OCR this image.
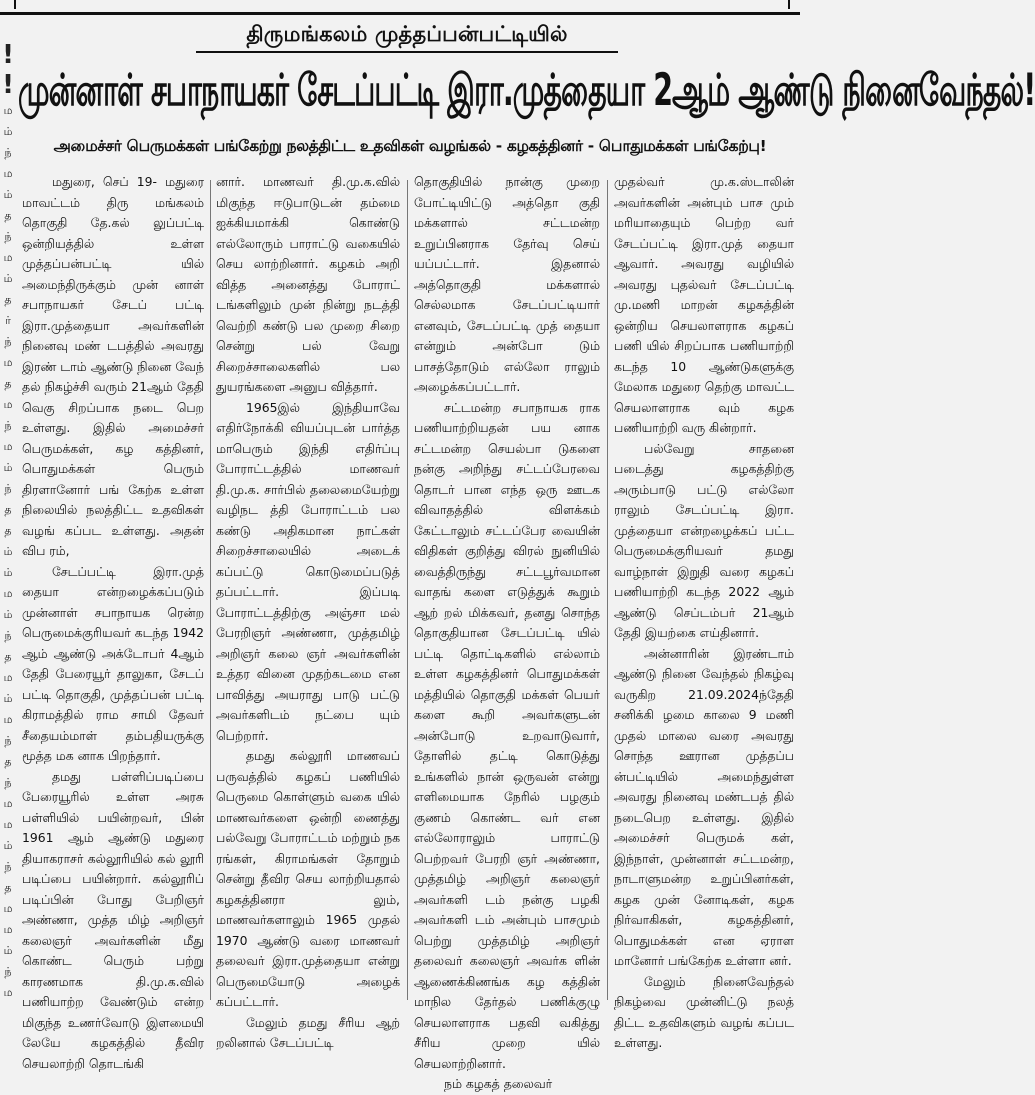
!
!
ம
ம்
ந்
ம
ம்
த
ந்
ம
ம்
த
ர்
ந்
ம
த
ம
ந்
ம
ம்
ந்
த
த
ம்
ம்
ம
ம்
ந்
த
ம
ம்
ம
ந்
த
ந்
ம
ம
ம்
ந்
த
ம
ம
ம்
ந்
ம
திருமங்கலம் முத்தப்பன்பட்டியில்
முன்னாள் சபாநாயகர் சேடப்பட்டி இரா.முத்தையா 2ஆம் ஆண்டு நினைவேந்தல்!
அமைச்சர் பெருமக்கள் பங்கேற்று நலத்திட்ட உதவிகள் வழங்கல் - கழகத்தினர் - பொதுமக்கள் பங்கேற்பு!

மதுரை, செப் 19- மதுரை மாவட்டம் திரு மங்கலம் தொகுதி தே.கல் லுப்பட்டி ஒன்றியத்தில் உள்ள முத்தப்பன்பட்டி யில் அமைந்திருக்கும் முன் னாள் சபாநாயகர் சேடப் பட்டி இரா.முத்தையா அவர்களின் நினைவு மண் டபத்தில் அவரது இரண் டாம் ஆண்டு நினை வேந் தல் நிகழ்ச்சி வரும் 21ஆம் தேதி வெகு சிறப்பாக நடை பெற உள்ளது. இதில் அமைச்சர் பெருமக்கள், கழ கத்தினர், பொதுமக்கள் பெரும் திரளானோர் பங் கேற்க உள்ள நிலையில் நலத்திட்ட உதவிகள் வழங் கப்பட உள்ளது. அதன் விப ரம்,

சேடப்பட்டி இரா.முத் தையா என்றழைக்கப்படும் முன்னாள் சபாநாயக ரென்ற பெருமைக்குரியவர் கடந்த 1942 ஆம் ஆண்டு அக்டோபர் 4ஆம் தேதி பேரையூர் தாலுகா, சேடப் பட்டி தொகுதி, முத்தப்பன் பட்டி கிராமத்தில் ராம சாமி தேவர் சீதையம்மாள் தம்பதியருக்கு மூத்த மக னாக பிறந்தார்.

தமது பள்ளிப்படிப்பை பேரையூரில் உள்ள அரசு பள்ளியில் பயின்றவர், பின் 1961 ஆம் ஆண்டு மதுரை தியாகராசர் கல்லூரியில் கல் லூரி படிப்பை பயின்றார். கல்லூரிப் படிப்பின் போது பேறிஞர் அண்ணா, முத்த மிழ் அறிஞர் கலைஞர் அவர்களின் மீது கொண்ட பெரும் பற்று காரணமாக தி.மு.க.வில் பணியாற்ற வேண்டும் என்ற மிகுந்த உணர்வோடு இளமையி லேயே கழகத்தில் தீவிர செயலாற்றி தொடங்கி

னார். மாணவர் தி.மு.க.வில் மிகுந்த ஈடுபாடுடன் தம்மை ஐக்கியமாக்கி கொண்டு எல்லோரும் பாராட்டு வகையில் செய லாற்றினார். கழகம் அறி வித்த அனைத்து போராட் டங்களிலும் முன் நின்று நடத்தி வெற்றி கண்டு பல முறை சிறை சென்று பல் வேறு சிறைச்சாலைகளில் பல துயரங்களை அனுப வித்தார்.

1965இல் இந்தியாவே எதிர்நோக்கி வியப்புடன் பார்த்த மாபெரும் இந்தி எதிர்ப்பு போராட்டத்தில் மாணவர் தி.மு.க. சார்பில் தலைமையேற்று வழிநட த்தி போராட்டம் பல கண்டு அதிகமான நாட்கள் சிறைச்சாலையில் அடைக் கப்பட்டு கொடுமைப்படுத் தப்பட்டார். இப்படி போராட்டத்திற்கு அஞ்சா மல் பேரறிஞர் அண்ணா, முத்தமிழ் அறிஞர் கலை ஞர் அவர்களின் உத்தர வினை முதற்கடமை என பாவித்து அயராது பாடு பட்டு அவர்களிடம் நட்பை யும் பெற்றார்.

தமது கல்லூரி மாணவப் பருவத்தில் கழகப் பணியில் பெருமை கொள்ளும் வகை யில் மாணவர்களை ஒன்றி ணைத்து பல்வேறு போராட்டம் மற்றும் நக ரங்கள், கிராமங்கள் தோறும் சென்று தீவிர செய லாற்றியதால் கழகத்தினரா லும், மாணவர்களாலும் 1965 முதல் 1970 ஆண்டு வரை மாணவர் தலைவர் இரா.முத்தையா என்று பெருமையோடு அழைக் கப்பட்டார்.

மேலும் தமது சீரிய ஆற் றலினால் சேடப்பட்டி

தொகுதியில் நான்கு முறை போட்டியிட்டு அத்தொ குதி மக்களால் சட்டமன்ற உறுப்பினராக தேர்வு செய் யப்பட்டார். இதனால் அத்தொகுதி மக்களால் செல்லமாக சேடப்பட்டியார் எனவும், சேடப்பட்டி முத் தையா என்றும் அன்போ டும் பாசத்தோடும் எல்லோ ராலும் அழைக்கப்பட்டார்.

சட்டமன்ற சபாநாயக ராக பணியாற்றியதன் பய னாக சட்டமன்ற செயல்பா டுகளை நன்கு அறிந்து சட்டப்பேரவை தொடர் பான எந்த ஒரு ஊடக விவாதத்தில் விளக்கம் கேட்டாலும் சட்டப்பேர வையின் விதிகள் குறித்து விரல் நுனியில் வைத்திருந்து சட்டபூர்வமான வாதங் களை எடுத்துக் கூறும் ஆற் றல் மிக்கவர், தனது சொந்த தொகுதியான சேடப்பட்டி யில் பட்டி தொட்டிகளில் எல்லாம் உள்ள கழகத்தினர் பொதுமக்கள் மத்தியில் தொகுதி மக்கள் பெயர் களை கூறி அவர்களுடன் அன்போடு உறவாடுவார், தோளில் தட்டி கொடுத்து உங்களில் நான் ஒருவன் என்று எளிமையாக நேரில் பழகும் குணம் கொண்ட வர் என எல்லோராலும் பாராட்டு பெற்றவர் பேரறி ஞர் அண்ணா, முத்தமிழ் அறிஞர் கலைஞர் அவர்களி டம் நன்கு பழகி அவர்களி டம் அன்பும் பாசமும் பெற்று முத்தமிழ் அறிஞர் தலைவர் கலைஞர் அவர்க ளின் ஆணைக்கிணங்க கழ கத்தின் மாநில தேர்தல் பணிக்குழு செயலாளராக பதவி வகித்து சீரிய முறை யில் செயலாற்றினார்.

நம் கழகத் தலைவர்

முதல்வர் மு.க.ஸ்டாலின் அவர்களின் அன்பும் பாச மும் மரியாதையும் பெற்ற வர் சேடப்பட்டி இரா.முத் தையா ஆவார். அவரது வழியில் அவரது புதல்வர் சேடப்பட்டி மு.மணி மாறன் கழகத்தின் ஒன்றிய செயலாளராக கழகப் பணி யில் சிறப்பாக பணியாற்றி கடந்த 10 ஆண்டுகளுக்கு மேலாக மதுரை தெற்கு மாவட்ட செயலாளராக வும் கழக பணியாற்றி வரு கின்றார்.

பல்வேறு சாதனை படைத்து கழகத்திற்கு அரும்பாடு பட்டு எல்லோ ராலும் சேடப்பட்டி இரா. முத்தையா என்றழைக்கப் பட்ட பெருமைக்குரியவர் தமது வாழ்நாள் இறுதி வரை கழகப் பணியாற்றி கடந்த 2022 ஆம் ஆண்டு செப்டம்பர் 21ஆம் தேதி இயற்கை எய்தினார்.

அன்னாரின் இரண்டாம் ஆண்டு நினை வேந்தல் நிகழ்வு வருகிற 21.09.2024ந்தேதி சனிக்கி ழமை காலை 9 மணி முதல் மாலை வரை அவரது சொந்த ஊரான முத்தப்ப ன்பட்டியில் அமைந்துள்ள அவரது நினைவு மண்டபத் தில் நடைபெற உள்ளது. இதில் அமைச்சர் பெருமக் கள், இந்நாள், முன்னாள் சட்டமன்ற, நாடாளுமன்ற உறுப்பினர்கள், கழக முன் னோடிகள், கழக நிர்வாகிகள், கழகத்தினர், பொதுமக்கள் என ஏராள மானோர் பங்கேற்க உள்ளா னர்.

மேலும் நினைவேந்தல் நிகழ்வை முன்னிட்டு நலத் திட்ட உதவிகளும் வழங் கப்பட உள்ளது.
